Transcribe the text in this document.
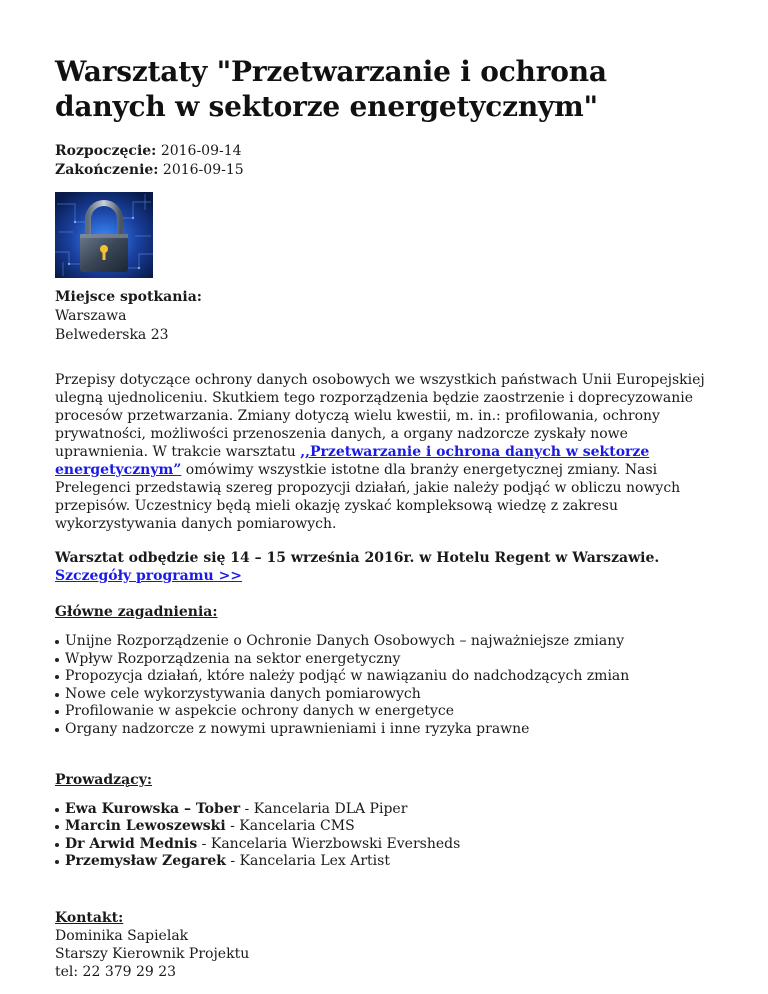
Warsztaty "Przetwarzanie i ochrona danych w sektorze energetycznym"
Rozpoczęcie: 2016-09-14
Zakończenie: 2016-09-15
Miejsce spotkania:
Warszawa
Belwederska 23

Przepisy dotyczące ochrony danych osobowych we wszystkich państwach Unii Europejskiej ulegną ujednoliceniu. Skutkiem tego rozporządzenia będzie zaostrzenie i doprecyzowanie procesów przetwarzania. Zmiany dotyczą wielu kwestii, m. in.: profilowania, ochrony prywatności, możliwości przenoszenia danych, a organy nadzorcze zyskały nowe uprawnienia. W trakcie warsztatu ,,Przetwarzanie i ochrona danych w sektorze energetycznym” omówimy wszystkie istotne dla branży energetycznej zmiany. Nasi Prelegenci przedstawią szereg propozycji działań, jakie należy podjąć w obliczu nowych przepisów. Uczestnicy będą mieli okazję zyskać kompleksową wiedzę z zakresu wykorzystywania danych pomiarowych.

Warsztat odbędzie się 14 – 15 września 2016r. w Hotelu Regent w Warszawie.
Szczegóły programu >>
Główne zagadnienia:
Unijne Rozporządzenie o Ochronie Danych Osobowych – najważniejsze zmiany
Wpływ Rozporządzenia na sektor energetyczny
Propozycja działań, które należy podjąć w nawiązaniu do nadchodzących zmian
Nowe cele wykorzystywania danych pomiarowych
Profilowanie w aspekcie ochrony danych w energetyce
Organy nadzorcze z nowymi uprawnieniami i inne ryzyka prawne
Prowadzący:
Ewa Kurowska – Tober - Kancelaria DLA Piper
Marcin Lewoszewski - Kancelaria CMS
Dr Arwid Mednis - Kancelaria Wierzbowski Eversheds
Przemysław Zegarek - Kancelaria Lex Artist
Kontakt:
Dominika Sapielak
Starszy Kierownik Projektu
tel: 22 379 29 23
